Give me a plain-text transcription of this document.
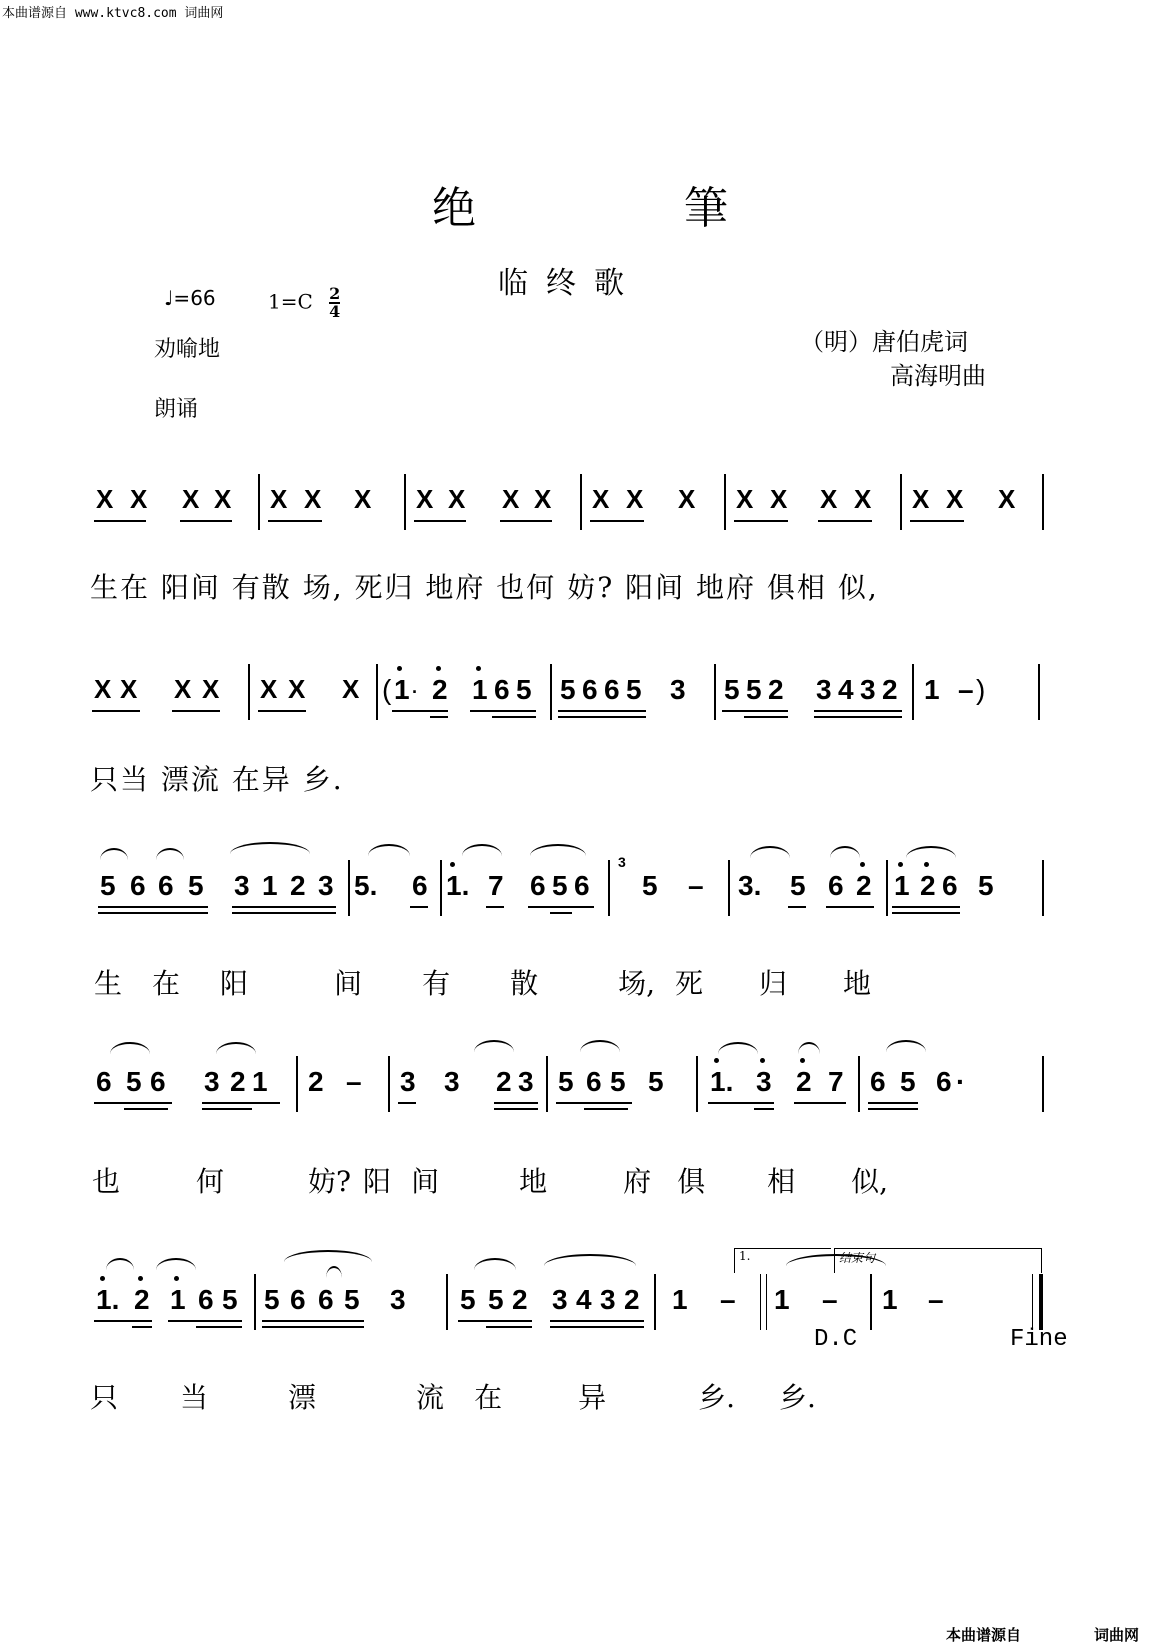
本曲谱源自 www.ktvc8.com 词曲网
绝	筆
临终歌
♩=66	$1=C \frac{2}{4}$
劝喻地
朗诵
（明）唐伯虎词
高海明曲
X X X X X X X X X X X X X X X X X X X X X
生在 阳间 有散 场, 死归 地府 也何 妨? 阳间 地府 俱相 似,
X X X X X X X ( 1 · 2 1 6 5 5 6 6 5 3 5 5 2 3 4 3 2 1 – )
只当 漂流 在异 乡.
5 6 6 5 3 1 2 3 5. 6 1. 7 6 5 6
3
5 – 3. 5 6 2 1 2 6 5
生 在 阳	间 有 散	场, 死 归 地
6 5 6 3 2 1 2 – 3 3 2 3 5 6 5 5 1. 3 2 7 6 5 6 ·
也	何	妨? 阳 间	地	府 俱 相 似,
1.	结束句
1. 2 1 6 5 5 6 6 5 3 5 5 2 3 4 3 2 1 – 1 – 1 –
D.C	Fine
只 当	漂	流 在	异	乡. 乡.
本曲谱源自	词曲网
